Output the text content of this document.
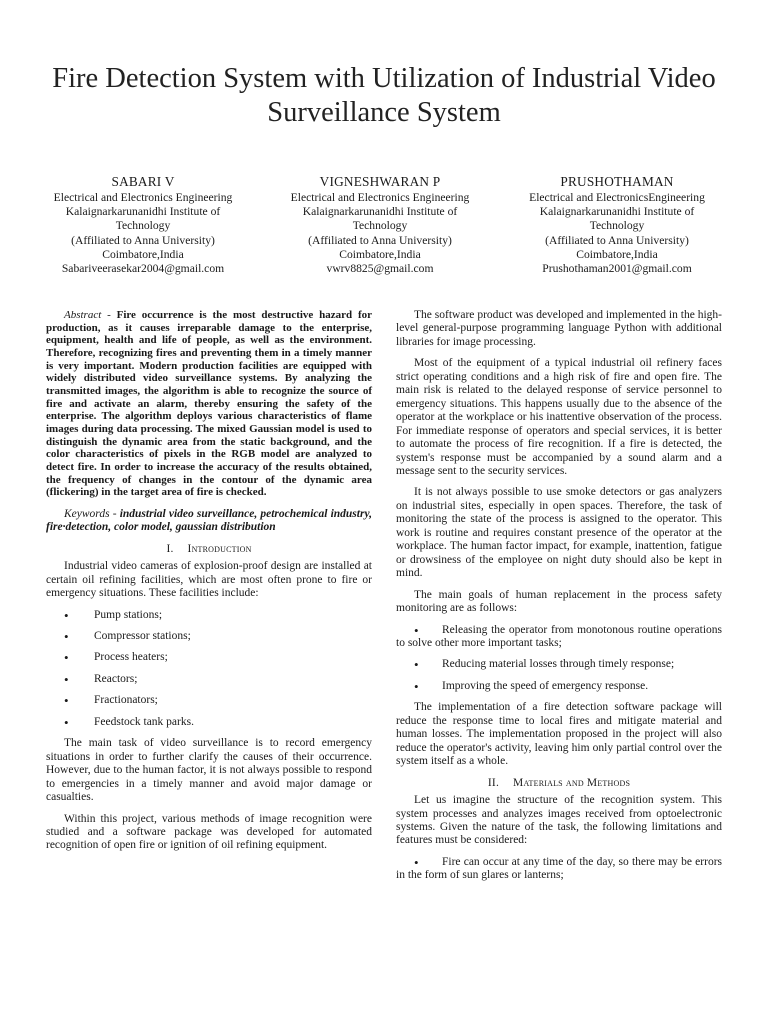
Fire Detection System with Utilization of Industrial Video Surveillance System
SABARI V
Electrical and Electronics Engineering
Kalaignarkarunanidhi Institute of Technology
(Affiliated to Anna University)
Coimbatore,India
Sabariveerasekar2004@gmail.com
VIGNESHWARAN P
Electrical and Electronics Engineering
Kalaignarkarunanidhi Institute of Technology
(Affiliated to Anna University)
Coimbatore,India
vwrv8825@gmail.com
PRUSHOTHAMAN
Electrical and ElectronicsEngineering
Kalaignarkarunanidhi Institute of Technology
(Affiliated to Anna University)
Coimbatore,India
Prushothaman2001@gmail.com

Abstract - Fire occurrence is the most destructive hazard for production, as it causes irreparable damage to the enterprise, equipment, health and life of people, as well as the environment. Therefore, recognizing fires and preventing them in a timely manner is very important. Modern production facilities are equipped with widely distributed video surveillance systems. By analyzing the transmitted images, the algorithm is able to recognize the source of fire and activate an alarm, thereby ensuring the safety of the enterprise. The algorithm deploys various characteristics of flame images during data processing. The mixed Gaussian model is used to distinguish the dynamic area from the static background, and the color characteristics of pixels in the RGB model are analyzed to detect fire. In order to increase the accuracy of the results obtained, the frequency of changes in the contour of the dynamic area (flickering) in the target area of fire is checked.

Keywords - industrial video surveillance, petrochemical industry, fire·detection, color model, gaussian distribution

I. Introduction

Industrial video cameras of explosion-proof design are installed at certain oil refining facilities, which are most often prone to fire or emergency situations. These facilities include:

• Pump stations;
• Compressor stations;
• Process heaters;
• Reactors;
• Fractionators;
• Feedstock tank parks.

The main task of video surveillance is to record emergency situations in order to further clarify the causes of their occurrence. However, due to the human factor, it is not always possible to respond to emergencies in a timely manner and avoid major damage or casualties.

Within this project, various methods of image recognition were studied and a software package was developed for automated recognition of open fire or ignition of oil refining equipment.

The software product was developed and implemented in the high-level general-purpose programming language Python with additional libraries for image processing.

Most of the equipment of a typical industrial oil refinery faces strict operating conditions and a high risk of fire and open fire. The main risk is related to the delayed response of service personnel to emergency situations. This happens usually due to the absence of the operator at the workplace or his inattentive observation of the process. For immediate response of operators and special services, it is better to automate the process of fire recognition. If a fire is detected, the system's response must be accompanied by a sound alarm and a message sent to the security services.

It is not always possible to use smoke detectors or gas analyzers on industrial sites, especially in open spaces. Therefore, the task of monitoring the state of the process is assigned to the operator. This work is routine and requires constant presence of the operator at the workplace. The human factor impact, for example, inattention, fatigue or drowsiness of the employee on night duty should also be kept in mind.

The main goals of human replacement in the process safety monitoring are as follows:

• Releasing the operator from monotonous routine operations to solve other more important tasks;
• Reducing material losses through timely response;
• Improving the speed of emergency response.

The implementation of a fire detection software package will reduce the response time to local fires and mitigate material and human losses. The implementation proposed in the project will also reduce the operator's activity, leaving him only partial control over the system itself as a whole.

II. Materials and Methods

Let us imagine the structure of the recognition system. This system processes and analyzes images received from optoelectronic systems. Given the nature of the task, the following limitations and features must be considered:

• Fire can occur at any time of the day, so there may be errors in the form of sun glares or lanterns;
